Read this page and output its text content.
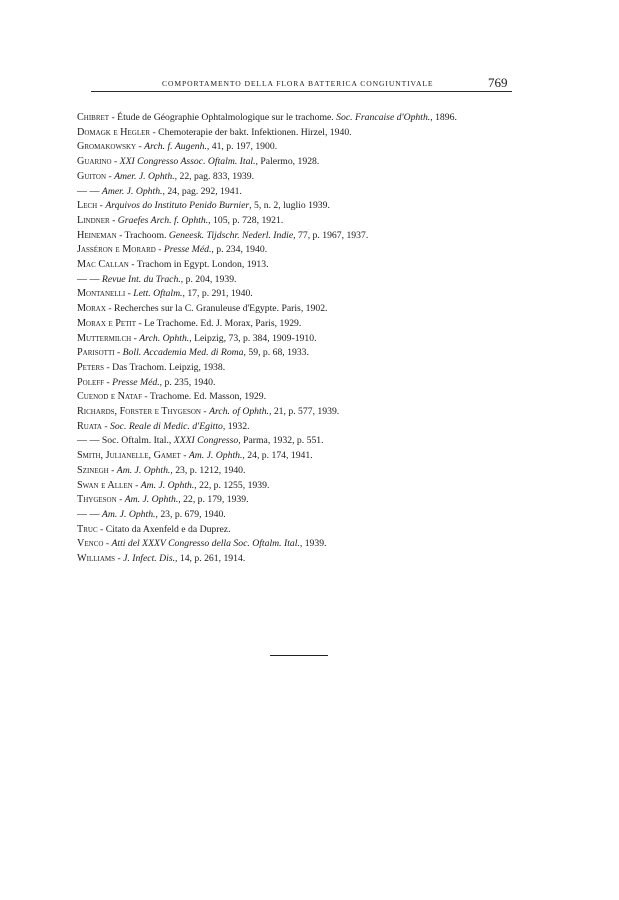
COMPORTAMENTO DELLA FLORA BATTERICA CONGIUNTIVALE	769
Chibret - Étude de Géographie Ophtalmologique sur le trachome. Soc. Francaise d'Ophth., 1896.
Domagk e Hegler - Chemoterapie der bakt. Infektionen. Hirzel, 1940.
Gromakowsky - Arch. f. Augenh., 41, p. 197, 1900.
Guarino - XXI Congresso Assoc. Oftalm. Ital., Palermo, 1928.
Guiton - Amer. J. Ophth., 22, pag. 833, 1939.
— — Amer. J. Ophth., 24, pag. 292, 1941.
Lech - Arquivos do Instituto Penido Burnier, 5, n. 2, luglio 1939.
Lindner - Graefes Arch. f. Ophth., 105, p. 728, 1921.
Heineman - Trachoom. Geneesk. Tijdschr. Nederl. Indie, 77, p. 1967, 1937.
Jasséron e Morard - Presse Méd., p. 234, 1940.
Mac Callan - Trachom in Egypt. London, 1913.
— — Revue Int. du Trach., p. 204, 1939.
Montanelli - Lett. Oftalm., 17, p. 291, 1940.
Morax - Recherches sur la C. Granuleuse d'Egypte. Paris, 1902.
Morax e Petit - Le Trachome. Ed. J. Morax, Paris, 1929.
Muttermilch - Arch. Ophth., Leipzig, 73, p. 384, 1909-1910.
Parisotti - Boll. Accademia Med. di Roma, 59, p. 68, 1933.
Peters - Das Trachom. Leipzig, 1938.
Poleff - Presse Méd., p. 235, 1940.
Cuenod e Nataf - Trachome. Ed. Masson, 1929.
Richards, Forster e Thygeson - Arch. of Ophth., 21, p. 577, 1939.
Ruata - Soc. Reale di Medic. d'Egitto, 1932.
— — Soc. Oftalm. Ital., XXXI Congresso, Parma, 1932, p. 551.
Smith, Julianelle, Gamet - Am. J. Ophth., 24, p. 174, 1941.
Szinegh - Am. J. Ophth., 23, p. 1212, 1940.
Swan e Allen - Am. J. Ophth., 22, p. 1255, 1939.
Thygeson - Am. J. Ophth., 22, p. 179, 1939.
— — Am. J. Ophth., 23, p. 679, 1940.
Truc - Citato da Axenfeld e da Duprez.
Venco - Atti del XXXV Congresso della Soc. Oftalm. Ital., 1939.
Williams - J. Infect. Dis., 14, p. 261, 1914.
